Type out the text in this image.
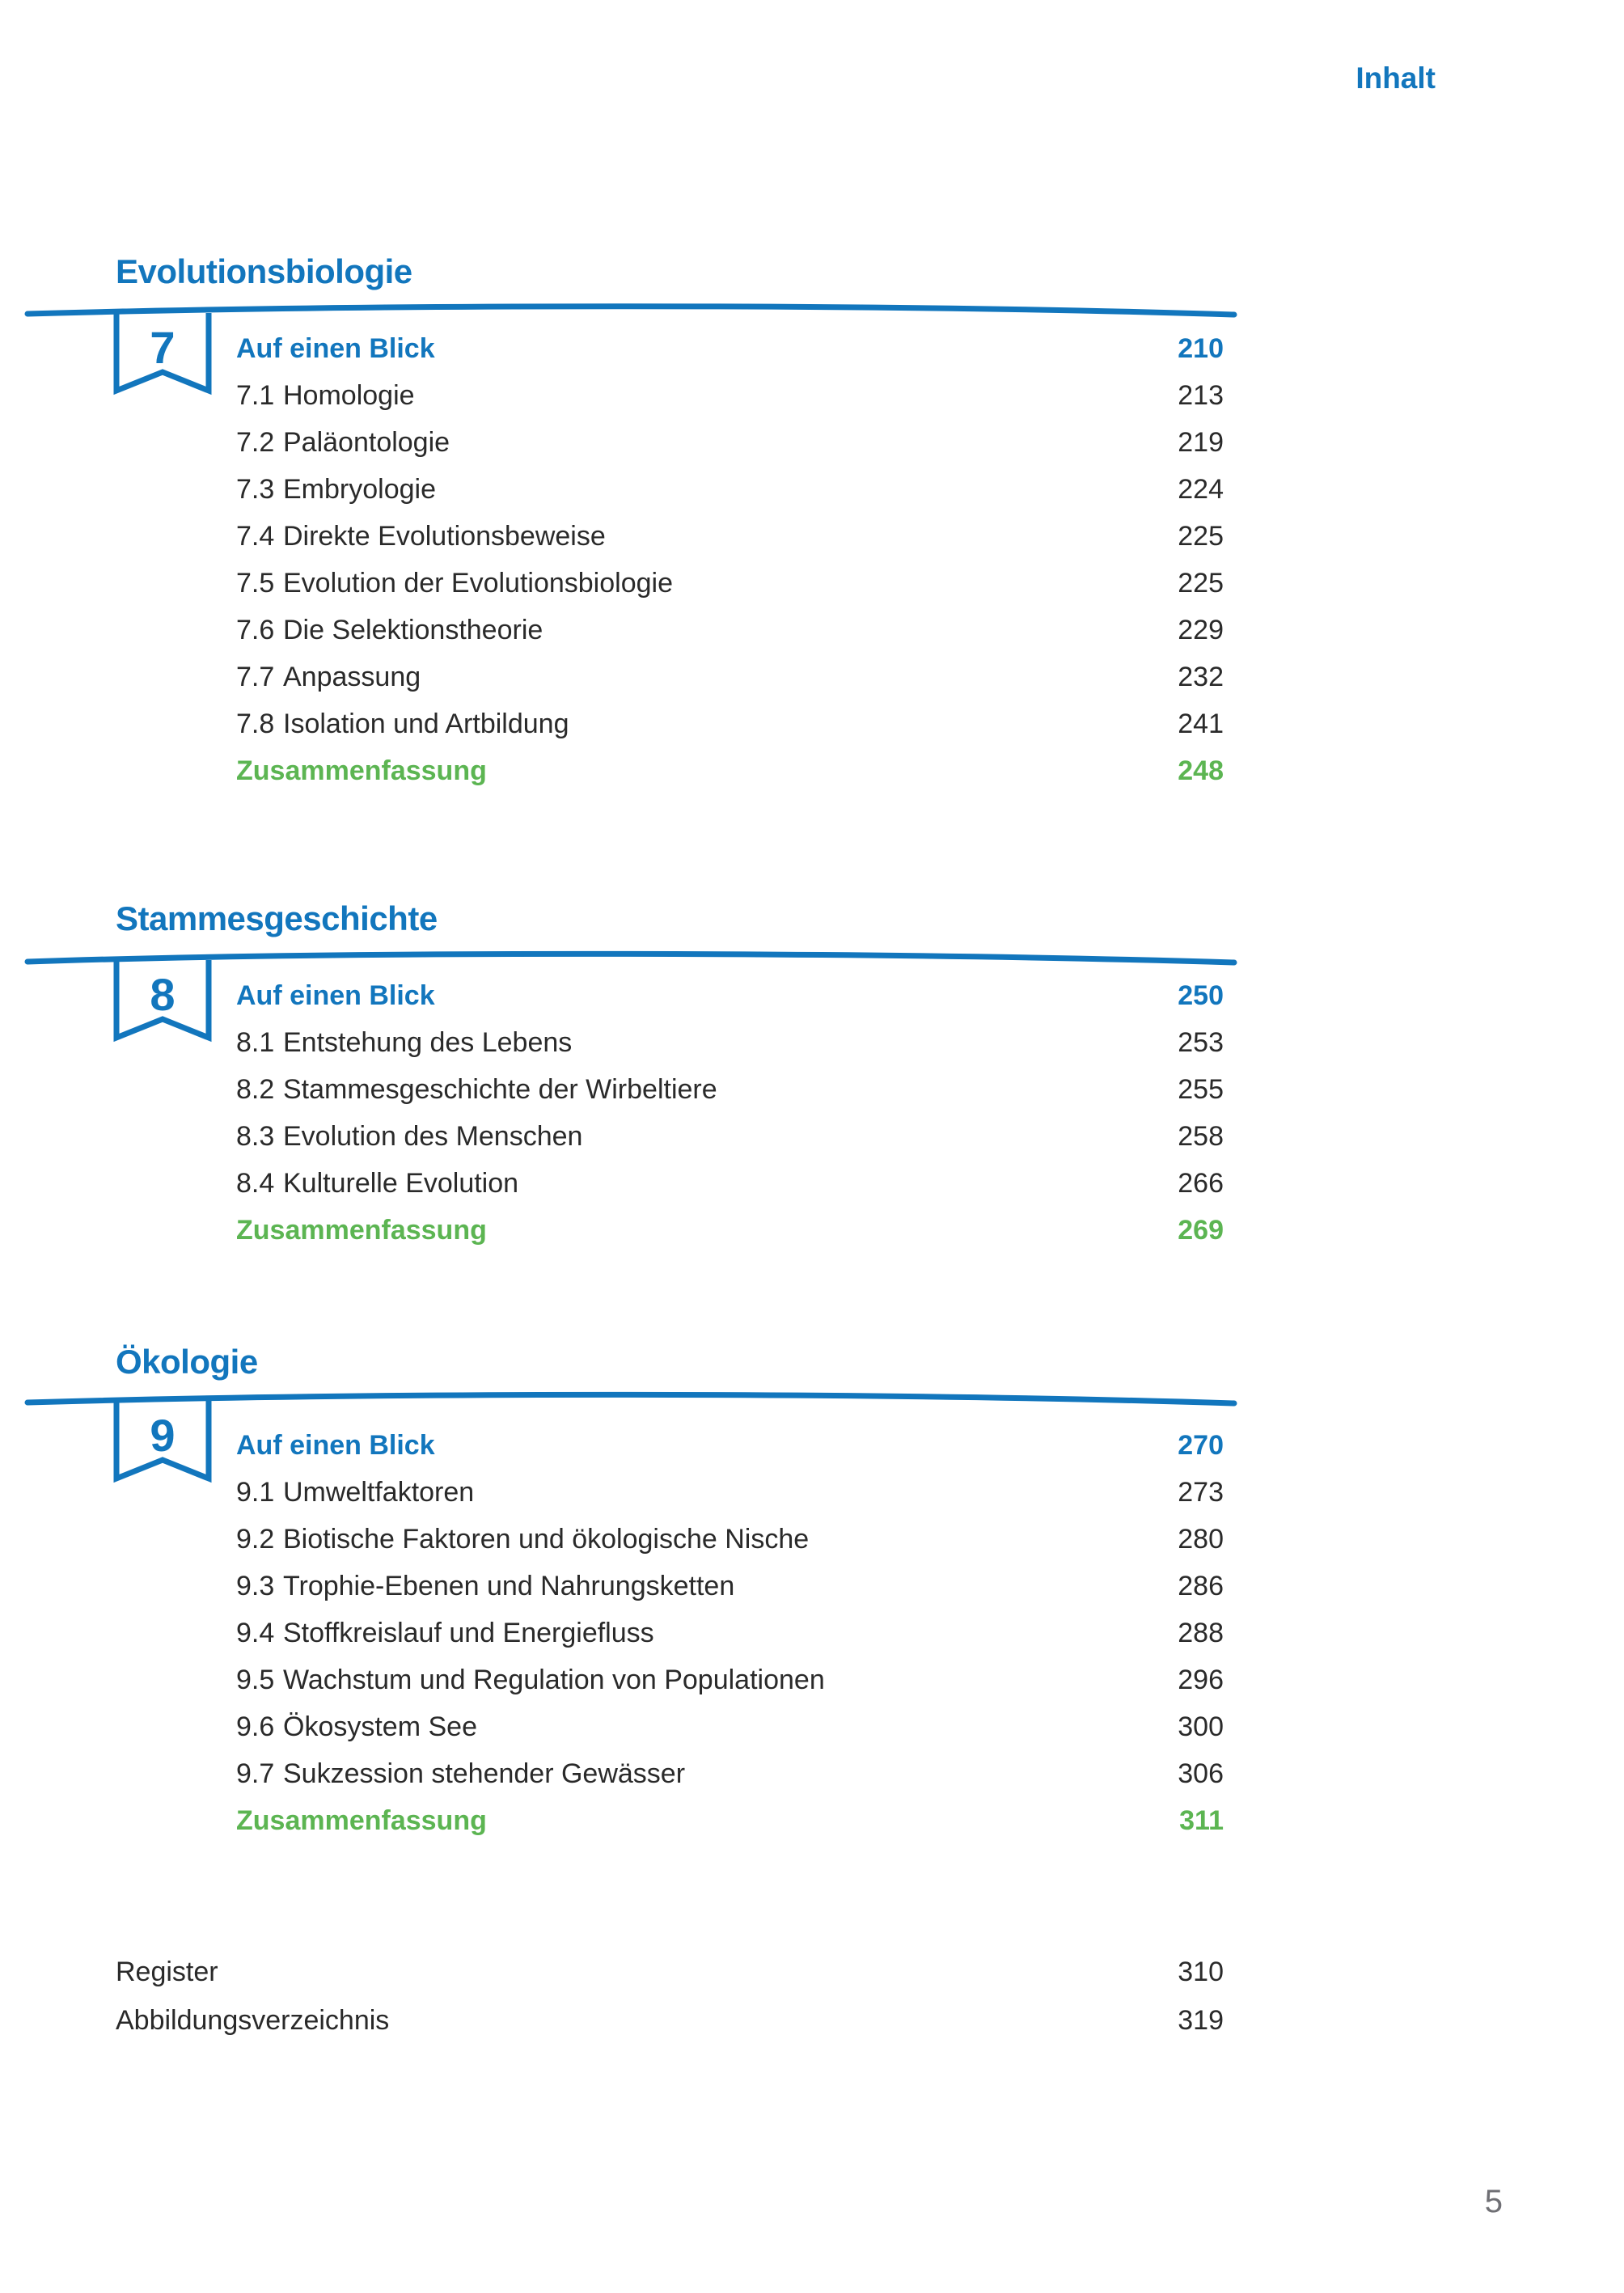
Inhalt
Evolutionsbiologie
7	Auf einen Blick	210
7.1 Homologie	213
7.2 Paläontologie	219
7.3 Embryologie	224
7.4 Direkte Evolutionsbeweise	225
7.5 Evolution der Evolutionsbiologie	225
7.6 Die Selektionstheorie	229
7.7 Anpassung	232
7.8 Isolation und Artbildung	241
Zusammenfassung	248
Stammesgeschichte
8	Auf einen Blick	250
8.1 Entstehung des Lebens	253
8.2 Stammesgeschichte der Wirbeltiere	255
8.3 Evolution des Menschen	258
8.4 Kulturelle Evolution	266
Zusammenfassung	269
Ökologie
9	Auf einen Blick	270
9.1 Umweltfaktoren	273
9.2 Biotische Faktoren und ökologische Nische	280
9.3 Trophie-Ebenen und Nahrungsketten	286
9.4 Stoffkreislauf und Energiefluss	288
9.5 Wachstum und Regulation von Populationen	296
9.6 Ökosystem See	300
9.7 Sukzession stehender Gewässer	306
Zusammenfassung	311
Register	310
Abbildungsverzeichnis	319
5
